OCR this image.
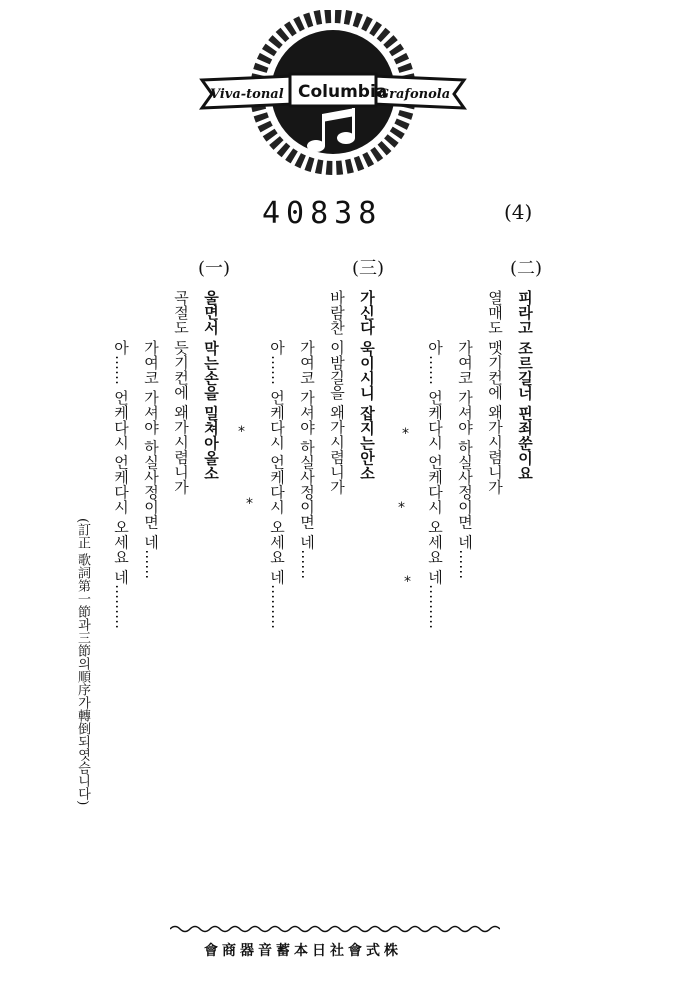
Viva-tonal Columbia
Grafonola
40838	(4)
(二)
피라고 조르길너 핀죄쑨이요
열매도 맷기컨에 왜가시렴니가
가여코 가셔야 하실사정이면 네……
아…… 언케다시 언케다시 오세요 네………
*
*
*
(三)
가신다 욱이시니 잡지는안소
바람찬 이밤길을 왜가시렴니가
가여코 가셔야 하실사정이면 네……
아…… 언케다시 언케다시 오세요 네………
*
*
(一)
울면서 막는손을 밀쳐아올소
곡절도 듯기컨에 왜가시렴니가
가여코 가셔야 하실사정이면 네……
아…… 언케다시 언케다시 오세요 네………
(訂正 歌詞第一節과三節의順序가轉倒되엿슴니다)
會商器音蓄本日社會式株
